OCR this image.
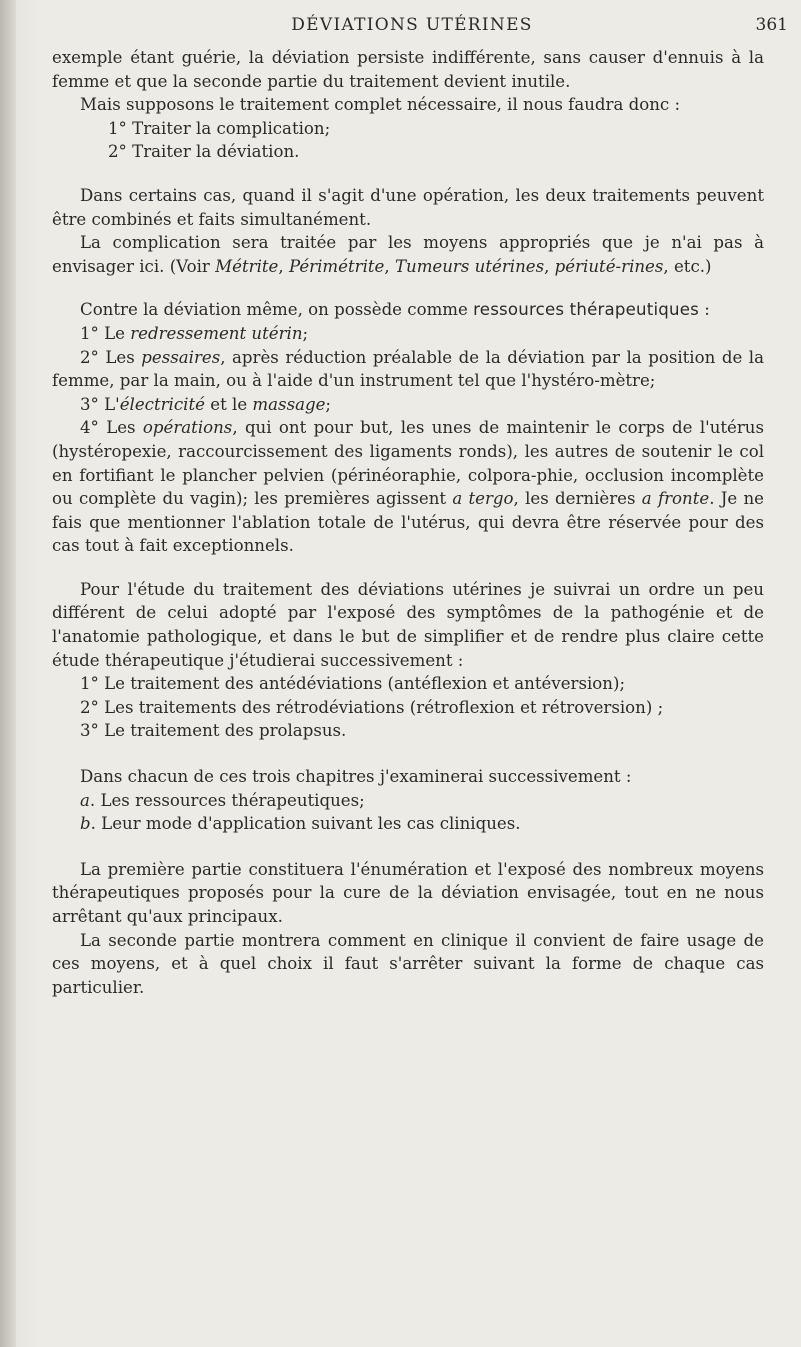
DÉVIATIONS UTÉRINES	361

exemple étant guérie, la déviation persiste indifférente, sans causer d'ennuis à la femme et que la seconde partie du traitement devient inutile.

Mais supposons le traitement complet nécessaire, il nous faudra donc :

1° Traiter la complication;

2° Traiter la déviation.

Dans certains cas, quand il s'agit d'une opération, les deux traitements peuvent être combinés et faits simultanément.

La complication sera traitée par les moyens appropriés que je n'ai pas à envisager ici. (Voir Métrite, Périmétrite, Tumeurs utérines, périuté-rines, etc.)

Contre la déviation même, on possède comme ressources thérapeutiques :

1° Le redressement utérin;

2° Les pessaires, après réduction préalable de la déviation par la position de la femme, par la main, ou à l'aide d'un instrument tel que l'hystéro-mètre;

3° L'électricité et le massage;

4° Les opérations, qui ont pour but, les unes de maintenir le corps de l'utérus (hystéropexie, raccourcissement des ligaments ronds), les autres de soutenir le col en fortifiant le plancher pelvien (périnéoraphie, colpora-phie, occlusion incomplète ou complète du vagin); les premières agissent a tergo, les dernières a fronte. Je ne fais que mentionner l'ablation totale de l'utérus, qui devra être réservée pour des cas tout à fait exceptionnels.

Pour l'étude du traitement des déviations utérines je suivrai un ordre un peu différent de celui adopté par l'exposé des symptômes de la pathogénie et de l'anatomie pathologique, et dans le but de simplifier et de rendre plus claire cette étude thérapeutique j'étudierai successivement :

1° Le traitement des antédéviations (antéflexion et antéversion);

2° Les traitements des rétrodéviations (rétroflexion et rétroversion) ;

3° Le traitement des prolapsus.

Dans chacun de ces trois chapitres j'examinerai successivement :

a. Les ressources thérapeutiques;

b. Leur mode d'application suivant les cas cliniques.

La première partie constituera l'énumération et l'exposé des nombreux moyens thérapeutiques proposés pour la cure de la déviation envisagée, tout en ne nous arrêtant qu'aux principaux.

La seconde partie montrera comment en clinique il convient de faire usage de ces moyens, et à quel choix il faut s'arrêter suivant la forme de chaque cas particulier.
